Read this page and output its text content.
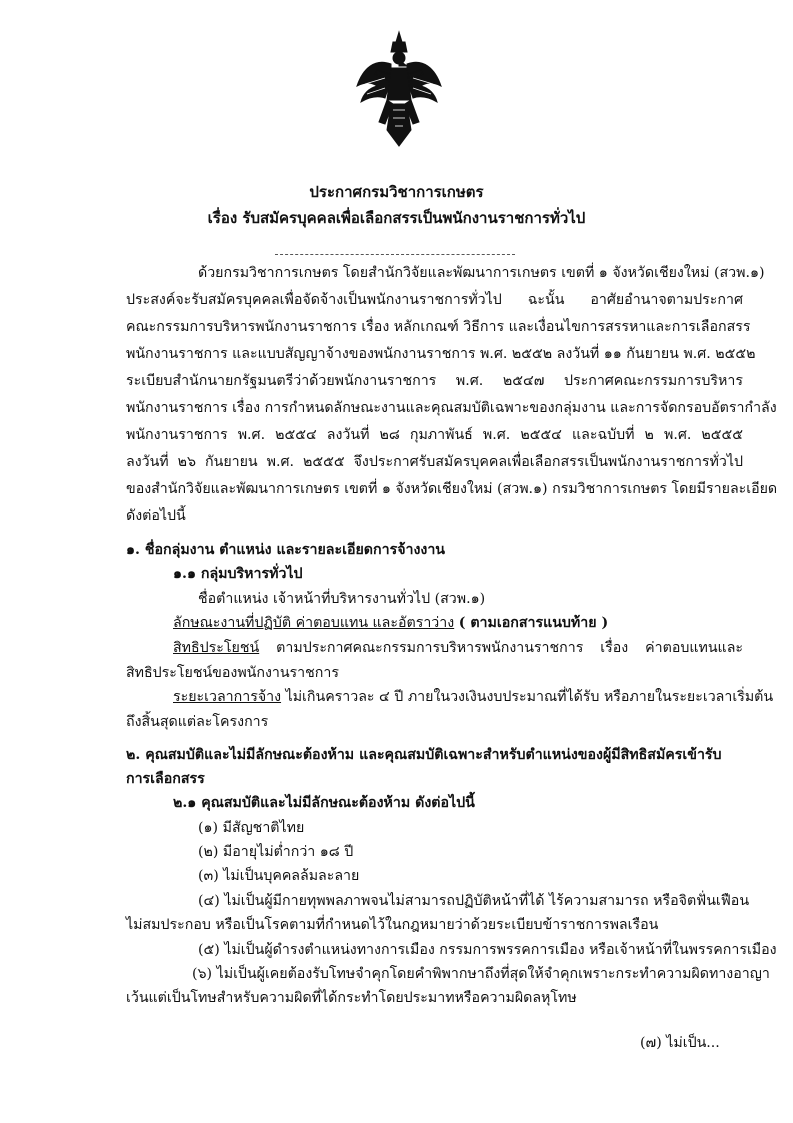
ประกาศกรมวิชาการเกษตร
เรื่อง รับสมัครบุคคลเพื่อเลือกสรรเป็นพนักงานราชการทั่วไป
ด้วยกรมวิชาการเกษตร โดยสำนักวิจัยและพัฒนาการเกษตร เขตที่ ๑ จังหวัดเชียงใหม่ (สวพ.๑)
ประสงค์จะรับสมัครบุคคลเพื่อจัดจ้างเป็นพนักงานราชการทั่วไป ฉะนั้น อาศัยอำนาจตามประกาศ
คณะกรรมการบริหารพนักงานราชการ เรื่อง หลักเกณฑ์ วิธีการ และเงื่อนไขการสรรหาและการเลือกสรร
พนักงานราชการ และแบบสัญญาจ้างของพนักงานราชการ พ.ศ. ๒๕๕๒ ลงวันที่ ๑๑ กันยายน พ.ศ. ๒๕๕๒
ระเบียบสำนักนายกรัฐมนตรีว่าด้วยพนักงานราชการ พ.ศ. ๒๕๔๗ ประกาศคณะกรรมการบริหาร
พนักงานราชการ เรื่อง การกำหนดลักษณะงานและคุณสมบัติเฉพาะของกลุ่มงาน และการจัดกรอบอัตรากำลัง
พนักงานราชการ พ.ศ. ๒๕๕๔ ลงวันที่ ๒๘ กุมภาพันธ์ พ.ศ. ๒๕๕๔ และฉบับที่ ๒ พ.ศ. ๒๕๕๕
ลงวันที่ ๒๖ กันยายน พ.ศ. ๒๕๕๕ จึงประกาศรับสมัครบุคคลเพื่อเลือกสรรเป็นพนักงานราชการทั่วไป
ของสำนักวิจัยและพัฒนาการเกษตร เขตที่ ๑ จังหวัดเชียงใหม่ (สวพ.๑) กรมวิชาการเกษตร โดยมีรายละเอียด
ดังต่อไปนี้
๑. ชื่อกลุ่มงาน ตำแหน่ง และรายละเอียดการจ้างงาน
๑.๑ กลุ่มบริหารทั่วไป
ชื่อตำแหน่ง เจ้าหน้าที่บริหารงานทั่วไป (สวพ.๑)
ลักษณะงานที่ปฏิบัติ ค่าตอบแทน และอัตราว่าง ( ตามเอกสารแนบท้าย )
สิทธิประโยชน์ ตามประกาศคณะกรรมการบริหารพนักงานราชการ เรื่อง ค่าตอบแทนและ
สิทธิประโยชน์ของพนักงานราชการ
ระยะเวลาการจ้าง ไม่เกินคราวละ ๔ ปี ภายในวงเงินงบประมาณที่ได้รับ หรือภายในระยะเวลาเริ่มต้น
ถึงสิ้นสุดแต่ละโครงการ
๒. คุณสมบัติและไม่มีลักษณะต้องห้าม และคุณสมบัติเฉพาะสำหรับตำแหน่งของผู้มีสิทธิสมัครเข้ารับ
การเลือกสรร
๒.๑ คุณสมบัติและไม่มีลักษณะต้องห้าม ดังต่อไปนี้
(๑) มีสัญชาติไทย
(๒) มีอายุไม่ต่ำกว่า ๑๘ ปี
(๓) ไม่เป็นบุคคลล้มละลาย
(๔) ไม่เป็นผู้มีกายทุพพลภาพจนไม่สามารถปฏิบัติหน้าที่ได้ ไร้ความสามารถ หรือจิตฟั่นเฟือน
ไม่สมประกอบ หรือเป็นโรคตามที่กำหนดไว้ในกฎหมายว่าด้วยระเบียบข้าราชการพลเรือน
(๕) ไม่เป็นผู้ดำรงตำแหน่งทางการเมือง กรรมการพรรคการเมือง หรือเจ้าหน้าที่ในพรรคการเมือง
(๖) ไม่เป็นผู้เคยต้องรับโทษจำคุกโดยคำพิพากษาถึงที่สุดให้จำคุกเพราะกระทำความผิดทางอาญา
เว้นแต่เป็นโทษสำหรับความผิดที่ได้กระทำโดยประมาทหรือความผิดลหุโทษ
(๗) ไม่เป็น...
